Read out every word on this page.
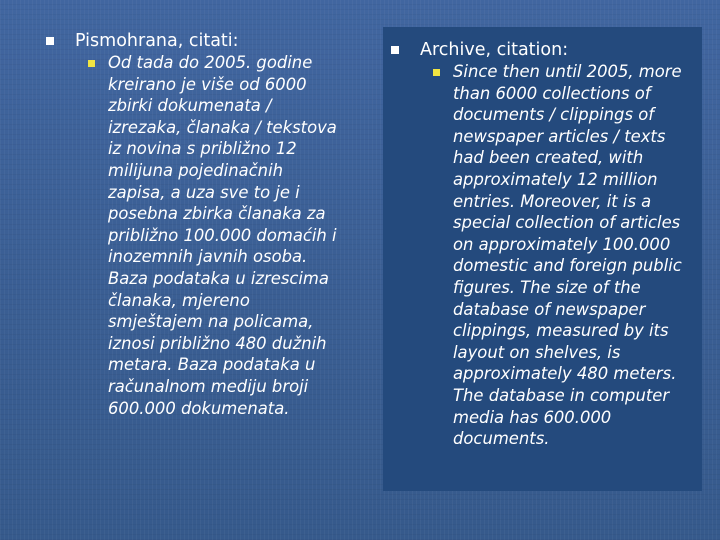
Pismohrana, citati:
Od tada do 2005. godine
kreirano je više od 6000
zbirki dokumenata /
izrezaka, članaka / tekstova
iz novina s približno 12
milijuna pojedinačnih
zapisa, a uza sve to je i
posebna zbirka članaka za
približno 100.000 domaćih i
inozemnih javnih osoba.
Baza podataka u izrescima
članaka, mjereno
smještajem na policama,
iznosi približno 480 dužnih
metara. Baza podataka u
računalnom mediju broji
600.000 dokumenata.
Archive, citation:
Since then until 2005, more
than 6000 collections of
documents / clippings of
newspaper articles / texts
had been created, with
approximately 12 million
entries. Moreover, it is a
special collection of articles
on approximately 100.000
domestic and foreign public
figures. The size of the
database of newspaper
clippings, measured by its
layout on shelves, is
approximately 480 meters.
The database in computer
media has 600.000
documents.
